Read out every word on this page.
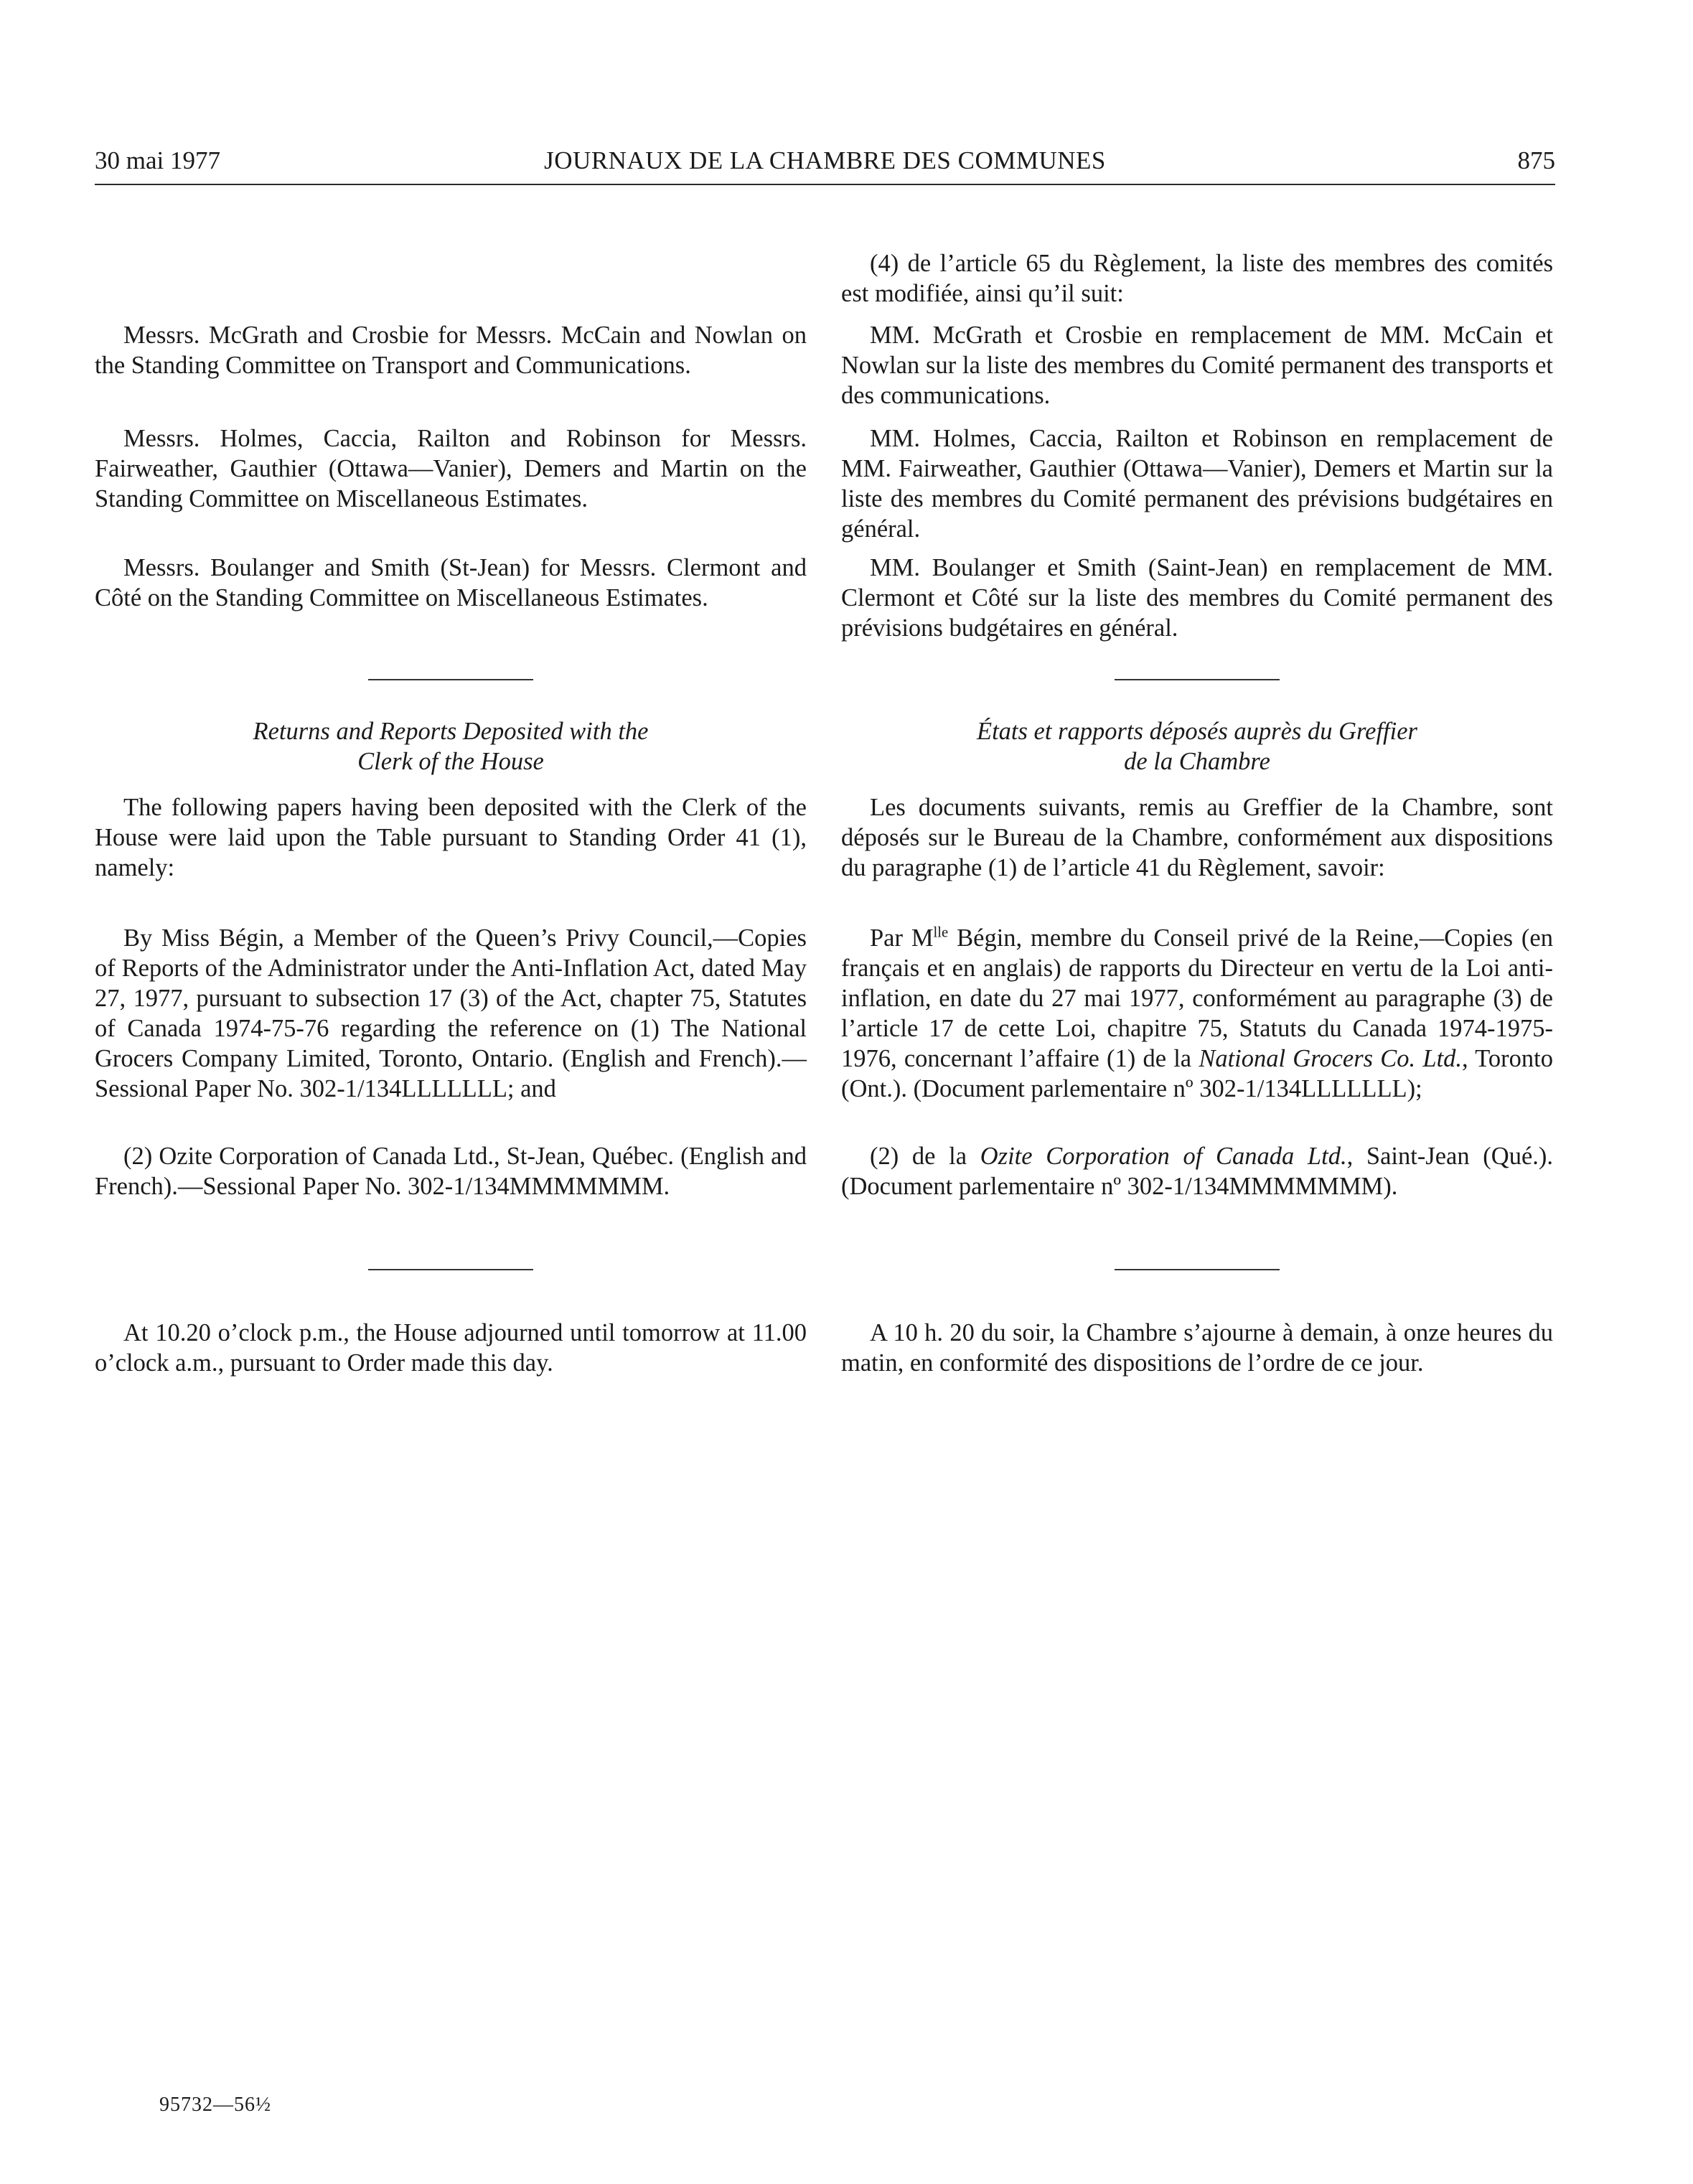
30 mai 1977	JOURNAUX DE LA CHAMBRE DES COMMUNES	875

Messrs. McGrath and Crosbie for Messrs. McCain and Nowlan on the Standing Committee on Transport and Communications.

Messrs. Holmes, Caccia, Railton and Robinson for Messrs. Fairweather, Gauthier (Ottawa—Vanier), Demers and Martin on the Standing Committee on Miscellaneous Estimates.

Messrs. Boulanger and Smith (St-Jean) for Messrs. Clermont and Côté on the Standing Committee on Miscellaneous Estimates.

Returns and Reports Deposited with the
Clerk of the House

The following papers having been deposited with the Clerk of the House were laid upon the Table pursuant to Standing Order 41 (1), namely:

By Miss Bégin, a Member of the Queen’s Privy Council,—Copies of Reports of the Administrator under the Anti-Inflation Act, dated May 27, 1977, pursuant to subsection 17 (3) of the Act, chapter 75, Statutes of Canada 1974-75-76 regarding the reference on (1) The National Grocers Company Limited, Toronto, Ontario. (English and French).—Sessional Paper No. 302-1/134LLLLLLL; and

(2) Ozite Corporation of Canada Ltd., St-Jean, Québec. (English and French).—Sessional Paper No. 302-1/134MMMMMMM.

At 10.20 o’clock p.m., the House adjourned until tomorrow at 11.00 o’clock a.m., pursuant to Order made this day.

(4) de l’article 65 du Règlement, la liste des membres des comités est modifiée, ainsi qu’il suit:

MM. McGrath et Crosbie en remplacement de MM. McCain et Nowlan sur la liste des membres du Comité permanent des transports et des communications.

MM. Holmes, Caccia, Railton et Robinson en remplacement de MM. Fairweather, Gauthier (Ottawa—Vanier), Demers et Martin sur la liste des membres du Comité permanent des prévisions budgétaires en général.

MM. Boulanger et Smith (Saint-Jean) en remplacement de MM. Clermont et Côté sur la liste des membres du Comité permanent des prévisions budgétaires en général.

États et rapports déposés auprès du Greffier
de la Chambre

Les documents suivants, remis au Greffier de la Chambre, sont déposés sur le Bureau de la Chambre, conformément aux dispositions du paragraphe (1) de l’article 41 du Règlement, savoir:

Par $M^{lle}$ Bégin, membre du Conseil privé de la Reine,—Copies (en français et en anglais) de rapports du Directeur en vertu de la Loi anti-inflation, en date du 27 mai 1977, conformément au paragraphe (3) de l’article 17 de cette Loi, chapitre 75, Statuts du Canada 1974-1975-1976, concernant l’affaire (1) de la National Grocers Co. Ltd., Toronto (Ont.). (Document parlementaire nº 302-1/134LLLLLLL);

(2) de la Ozite Corporation of Canada Ltd., Saint-Jean (Qué.). (Document parlementaire nº 302-1/134MMMMMMM).

A 10 h. 20 du soir, la Chambre s’ajourne à demain, à onze heures du matin, en conformité des dispositions de l’ordre de ce jour.

95732—56½
